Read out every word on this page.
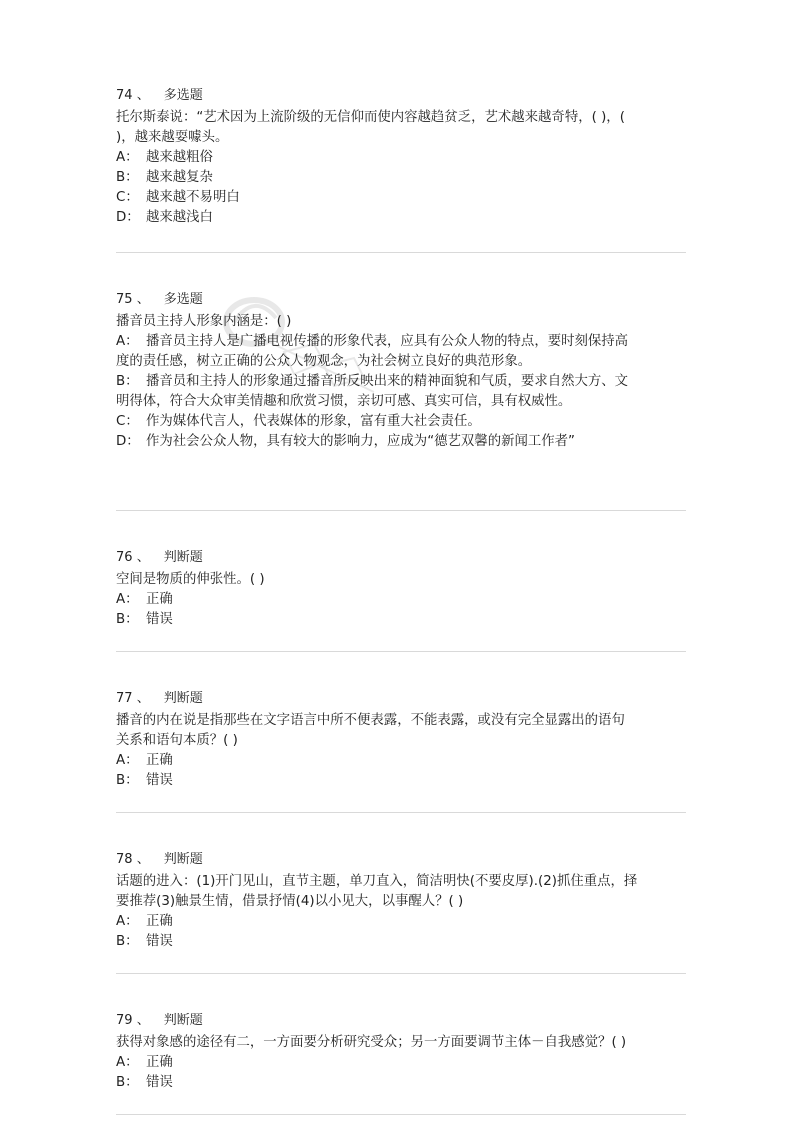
74 、 多选题
托尔斯泰说：“艺术因为上流阶级的无信仰而使内容越趋贫乏，艺术越来越奇特，( )，(
)，越来越耍噱头。
A： 越来越粗俗
B： 越来越复杂
C： 越来越不易明白
D： 越来越浅白
75 、 多选题
播音员主持人形象内涵是：( )
A： 播音员主持人是广播电视传播的形象代表，应具有公众人物的特点，要时刻保持高
度的责任感，树立正确的公众人物观念，为社会树立良好的典范形象。
B： 播音员和主持人的形象通过播音所反映出来的精神面貌和气质，要求自然大方、文
明得体，符合大众审美情趣和欣赏习惯，亲切可感、真实可信，具有权威性。
C： 作为媒体代言人，代表媒体的形象，富有重大社会责任。
D： 作为社会公众人物，具有较大的影响力，应成为“德艺双馨的新闻工作者”
76 、 判断题
空间是物质的伸张性。( )
A： 正确
B： 错误
77 、 判断题
播音的内在说是指那些在文字语言中所不便表露，不能表露，或没有完全显露出的语句
关系和语句本质？( )
A： 正确
B： 错误
78 、 判断题
话题的进入：(1)开门见山，直节主题，单刀直入，简洁明快(不要皮厚).(2)抓住重点，择
要推荐(3)触景生情，借景抒情(4)以小见大，以事醒人？( )
A： 正确
B： 错误
79 、 判断题
获得对象感的途径有二，一方面要分析研究受众；另一方面要调节主体－自我感觉？( )
A： 正确
B： 错误
